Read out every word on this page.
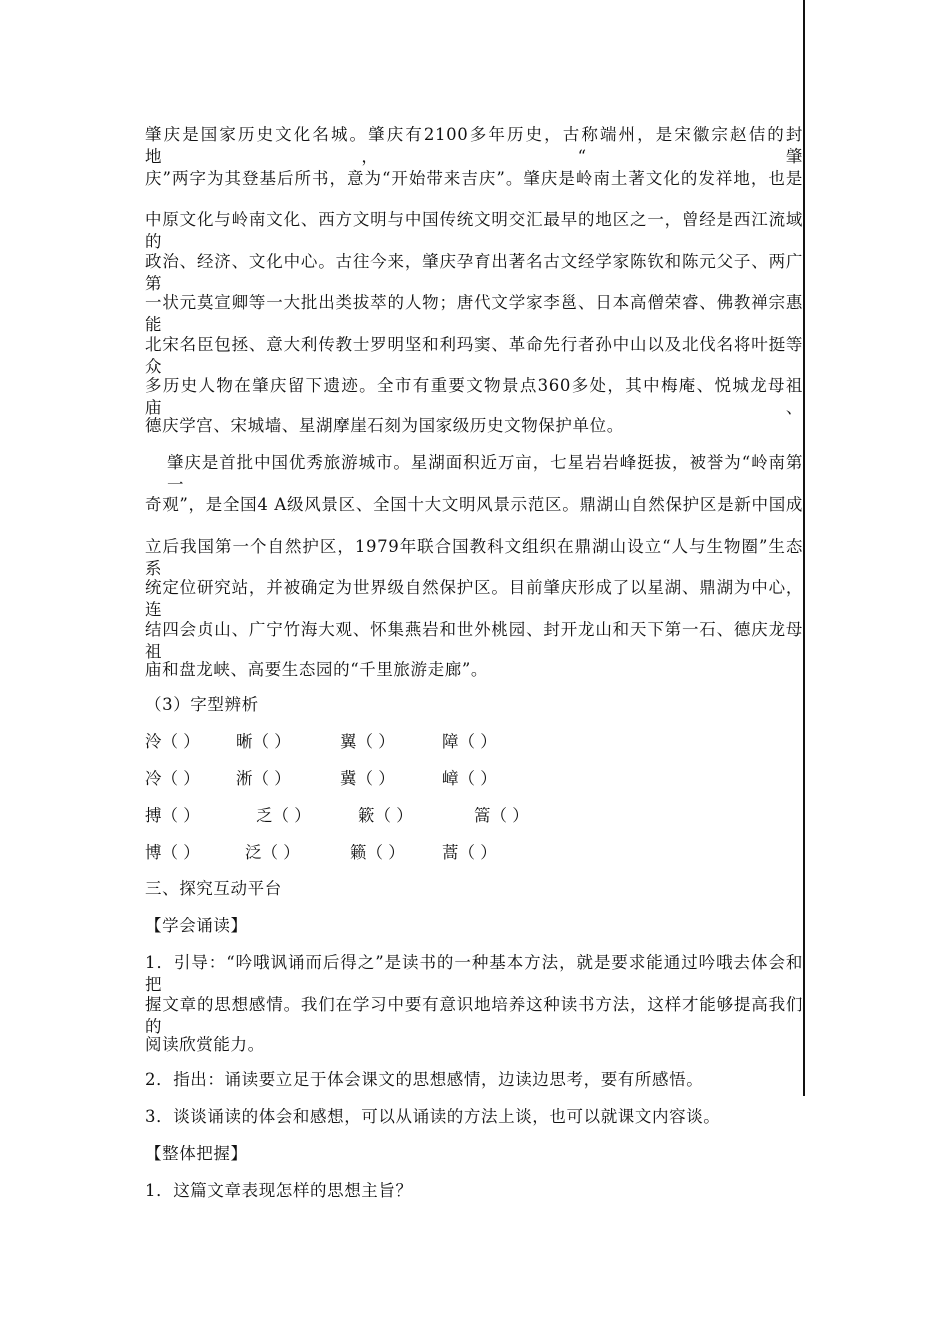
肇庆是国家历史文化名城。肇庆有2100多年历史，古称端州，是宋徽宗赵佶的封地，“肇
庆”两字为其登基后所书，意为“开始带来吉庆”。肇庆是岭南土著文化的发祥地，也是
中原文化与岭南文化、西方文明与中国传统文明交汇最早的地区之一，曾经是西江流域的
政治、经济、文化中心。古往今来，肇庆孕育出著名古文经学家陈钦和陈元父子、两广第
一状元莫宣卿等一大批出类拔萃的人物；唐代文学家李邕、日本高僧荣睿、佛教禅宗惠能
北宋名臣包拯、意大利传教士罗明坚和利玛窦、革命先行者孙中山以及北伐名将叶挺等众
多历史人物在肇庆留下遗迹。全市有重要文物景点360多处，其中梅庵、悦城龙母祖庙、
德庆学宫、宋城墙、星湖摩崖石刻为国家级历史文物保护单位。
肇庆是首批中国优秀旅游城市。星湖面积近万亩，七星岩岩峰挺拔，被誉为“岭南第一
奇观”，是全国4 A级风景区、全国十大文明风景示范区。鼎湖山自然保护区是新中国成
立后我国第一个自然护区，1979年联合国教科文组织在鼎湖山设立“人与生物圈”生态系
统定位研究站，并被确定为世界级自然保护区。目前肇庆形成了以星湖、鼎湖为中心，连
结四会贞山、广宁竹海大观、怀集燕岩和世外桃园、封开龙山和天下第一石、德庆龙母祖
庙和盘龙峡、高要生态园的“千里旅游走廊”。
（3）字型辨析
泠（ ） 晰（ ）	翼（ ）	障（ ）
冷（ ） 淅（ ）	冀（ ）	嶂（ ）
搏（ ）	乏（ ）	簌（ ）	篙（ ）
博（ ）	泛（ ）	籁（ ） 蒿（ ）
三、探究互动平台
【学会诵读】
1．引导：“吟哦讽诵而后得之”是读书的一种基本方法，就是要求能通过吟哦去体会和把
握文章的思想感情。我们在学习中要有意识地培养这种读书方法，这样才能够提高我们的
阅读欣赏能力。
2．指出：诵读要立足于体会课文的思想感情，边读边思考，要有所感悟。
3．谈谈诵读的体会和感想，可以从诵读的方法上谈，也可以就课文内容谈。
【整体把握】
1．这篇文章表现怎样的思想主旨？
